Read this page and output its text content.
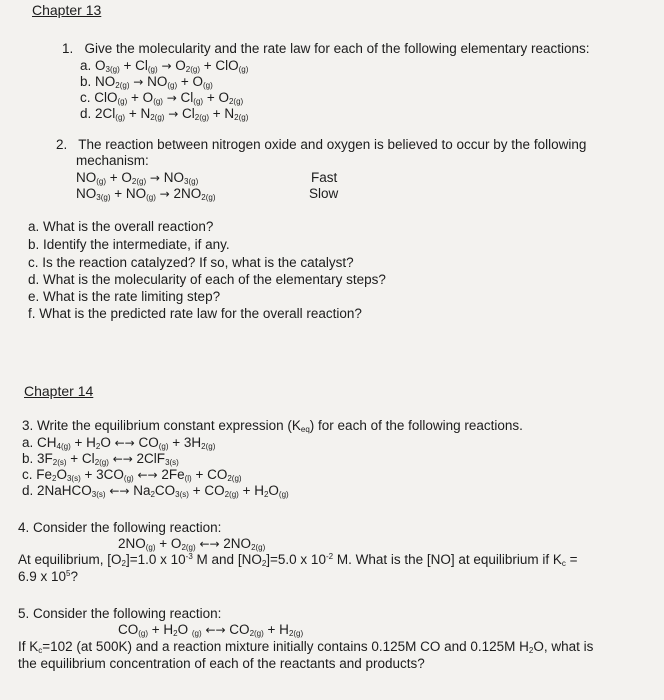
Chapter 13
1. Give the molecularity and the rate law for each of the following elementary reactions:
a. $O_{3(g)} + Cl_{(g)} \to O_{2(g)} + ClO_{(g)}$
b. $NO_{2(g)} \to NO_{(g)} + O_{(g)}$
c. $ClO_{(g)} + O_{(g)} \to Cl_{(g)} + O_{2(g)}$
d. $2Cl_{(g)} + N_{2(g)} \to Cl_{2(g)} + N_{2(g)}$
2. The reaction between nitrogen oxide and oxygen is believed to occur by the following
mechanism:
$NO_{(g)} + O_{2(g)} \to NO_{3(g)}$	Fast
$NO_{3(g)} + NO_{(g)} \to 2NO_{2(g)}$	Slow
a. What is the overall reaction?
b. Identify the intermediate, if any.
c. Is the reaction catalyzed? If so, what is the catalyst?
d. What is the molecularity of each of the elementary steps?
e. What is the rate limiting step?
f. What is the predicted rate law for the overall reaction?
Chapter 14
3. Write the equilibrium constant expression $(K_{eq})$ for each of the following reactions.
a. $CH_{4(g)} + H_2O$ ←→ $CO_{(g)} + 3H_{2(g)}$
b. $3F_{2(s)} + Cl_{2(g)}$ ←→ 2ClF$_{3(s)}$
c. $Fe_2O_{3(s)} + 3CO_{(g)}$ ←→ $2Fe_{(l)} + CO_{2(g)}$
d. 2NaHCO$_{3(s)}$ ←→ $Na_2CO_{3(s)} + CO_{2(g)} + H_2O_{(g)}$
4. Consider the following reaction:
$2NO_{(g)} + O_{2(g)}$ ←→ $2NO_{2(g)}$
At equilibrium, $[O_2]=1.0$ x $10^{-3}$ M and $[NO_2]=5.0$ x $10^{-2}$ M. What is the [NO] at equilibrium if $K_c$ =
6.9 x $10^5$?
5. Consider the following reaction:
$CO_{(g)} + H_2O$ $_{(g)}$ ←→ $CO_{2(g)} + H_{2(g)}$
If $K_c=102$ (at 500K) and a reaction mixture initially contains 0.125M CO and 0.125M $H_2O$, what is
the equilibrium concentration of each of the reactants and products?
